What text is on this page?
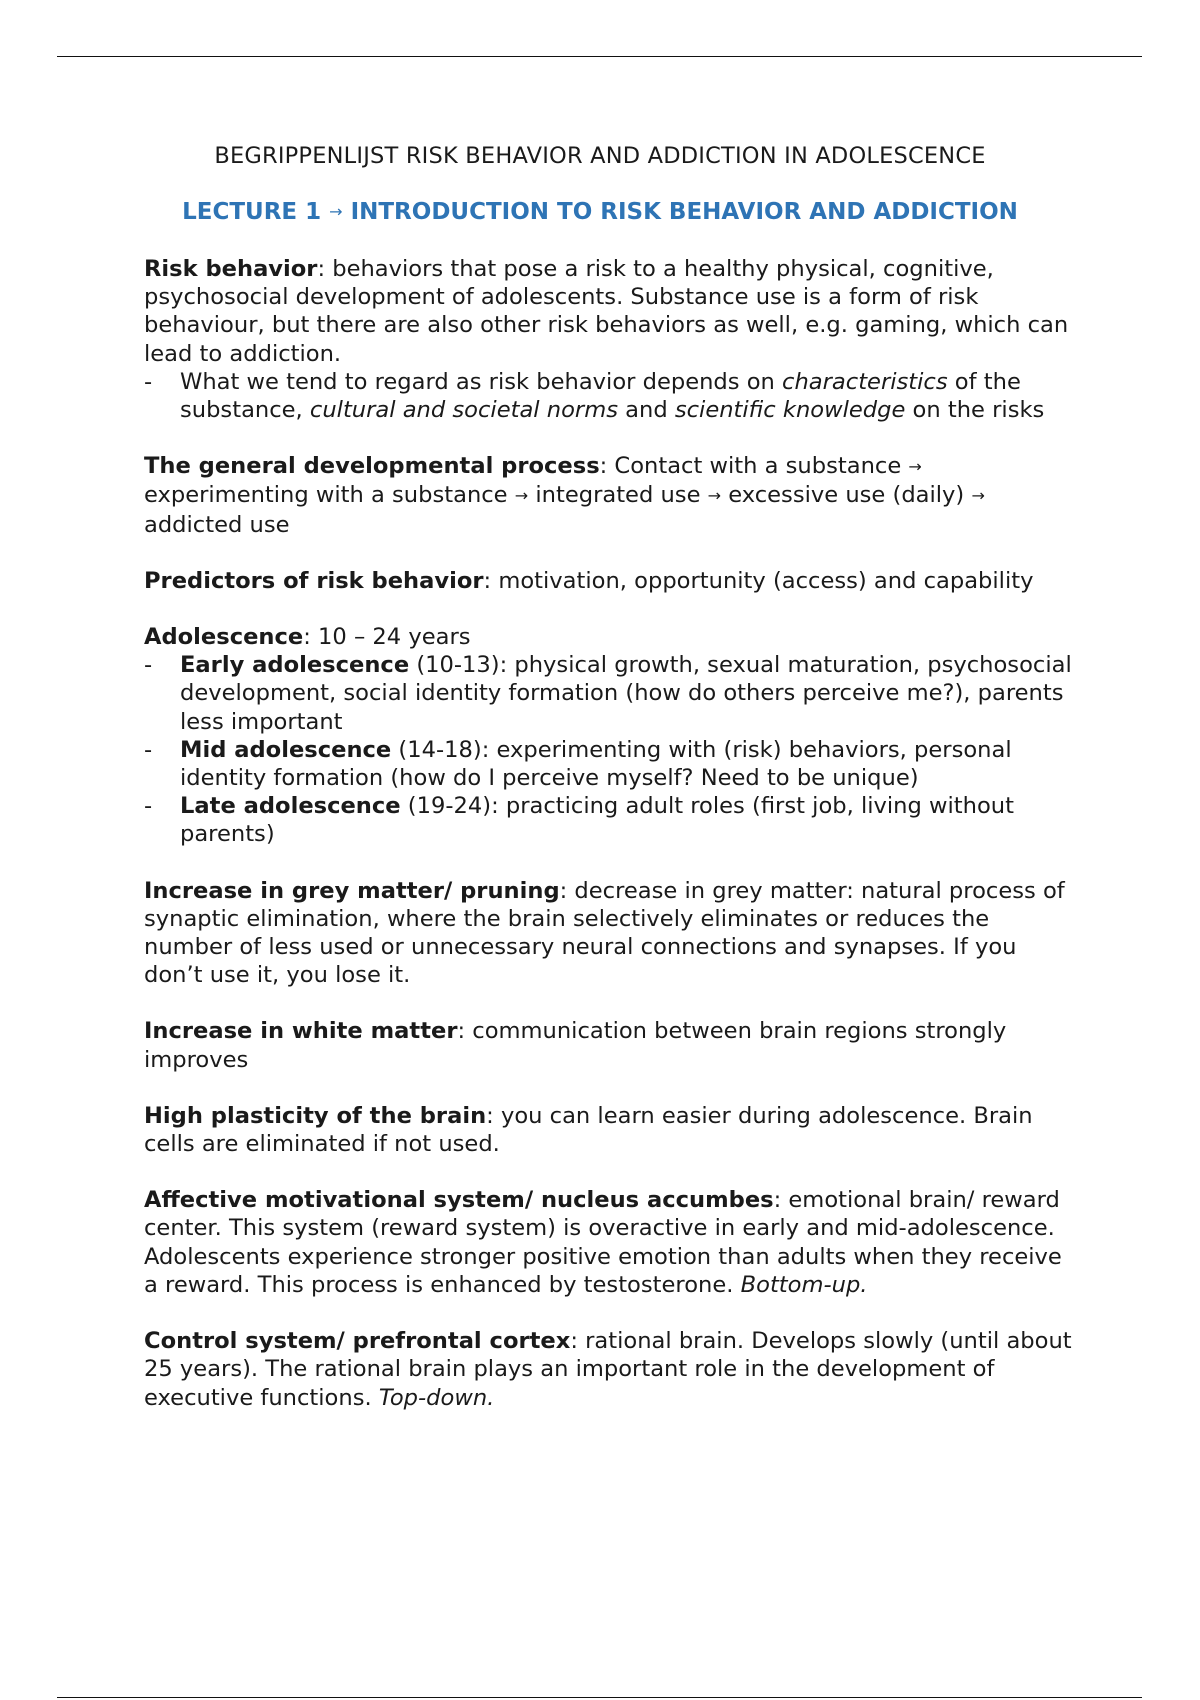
BEGRIPPENLIJST RISK BEHAVIOR AND ADDICTION IN ADOLESCENCE
LECTURE 1 → INTRODUCTION TO RISK BEHAVIOR AND ADDICTION

Risk behavior: behaviors that pose a risk to a healthy physical, cognitive, psychosocial development of adolescents. Substance use is a form of risk behaviour, but there are also other risk behaviors as well, e.g. gaming, which can lead to addiction.

- What we tend to regard as risk behavior depends on characteristics of the substance, cultural and societal norms and scientific knowledge on the risks

The general developmental process: Contact with a substance → experimenting with a substance → integrated use → excessive use (daily) → addicted use

Predictors of risk behavior: motivation, opportunity (access) and capability

Adolescence: 10 – 24 years

- Early adolescence (10-13): physical growth, sexual maturation, psychosocial development, social identity formation (how do others perceive me?), parents less important
- Mid adolescence (14-18): experimenting with (risk) behaviors, personal identity formation (how do I perceive myself? Need to be unique)
- Late adolescence (19-24): practicing adult roles (first job, living without parents)

Increase in grey matter/ pruning: decrease in grey matter: natural process of synaptic elimination, where the brain selectively eliminates or reduces the number of less used or unnecessary neural connections and synapses. If you don’t use it, you lose it.

Increase in white matter: communication between brain regions strongly improves

High plasticity of the brain: you can learn easier during adolescence. Brain cells are eliminated if not used.

Affective motivational system/ nucleus accumbes: emotional brain/ reward center. This system (reward system) is overactive in early and mid-adolescence. Adolescents experience stronger positive emotion than adults when they receive a reward. This process is enhanced by testosterone. Bottom-up.

Control system/ prefrontal cortex: rational brain. Develops slowly (until about 25 years). The rational brain plays an important role in the development of executive functions. Top-down.
